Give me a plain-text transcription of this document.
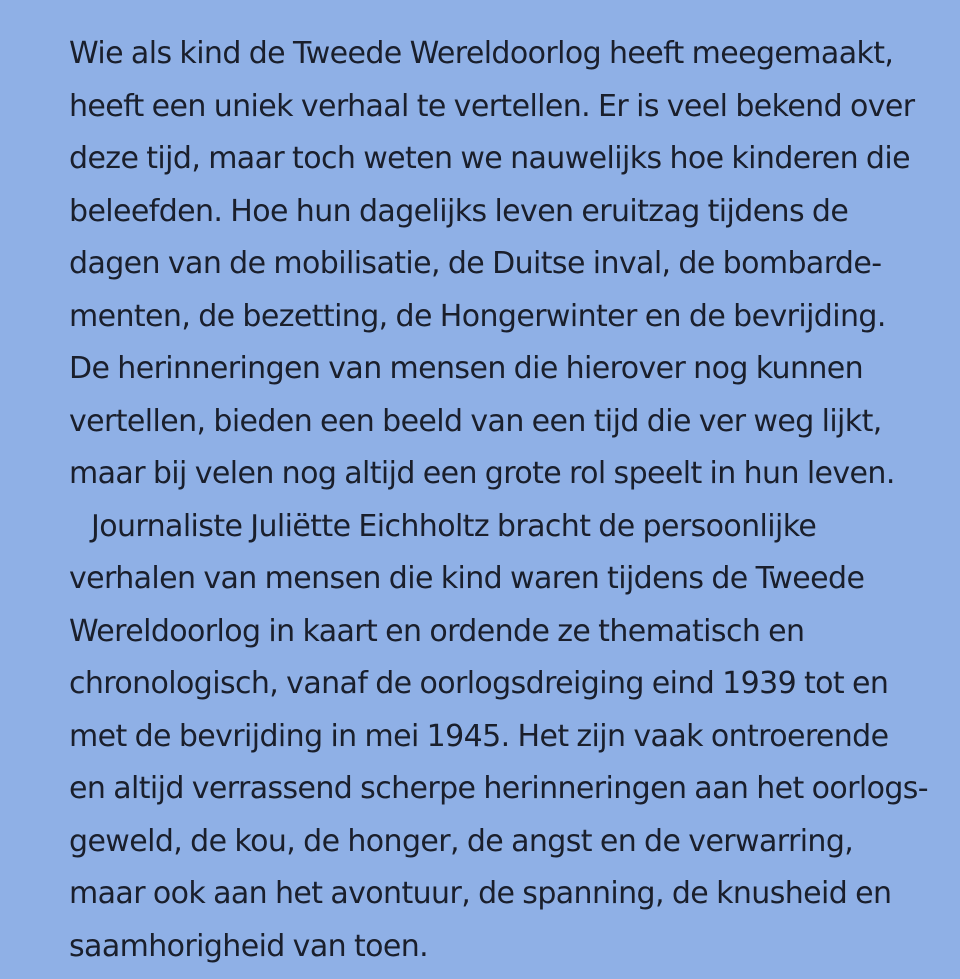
Wie als kind de Tweede Wereldoorlog heeft meegemaakt,
heeft een uniek verhaal te vertellen. Er is veel bekend over
deze tijd, maar toch weten we nauwelijks hoe kinderen die
beleefden. Hoe hun dagelijks leven eruitzag tijdens de
dagen van de mobilisatie, de Duitse inval, de bombarde-
menten, de bezetting, de Hongerwinter en de bevrijding.
De herinneringen van mensen die hierover nog kunnen
vertellen, bieden een beeld van een tijd die ver weg lijkt,
maar bij velen nog altijd een grote rol speelt in hun leven.
Journaliste Juliëtte Eichholtz bracht de persoonlijke
verhalen van mensen die kind waren tijdens de Tweede
Wereldoorlog in kaart en ordende ze thematisch en
chronologisch, vanaf de oorlogsdreiging eind 1939 tot en
met de bevrijding in mei 1945. Het zijn vaak ontroerende
en altijd verrassend scherpe herinneringen aan het oorlogs-
geweld, de kou, de honger, de angst en de verwarring,
maar ook aan het avontuur, de spanning, de knusheid en
saamhorigheid van toen.
